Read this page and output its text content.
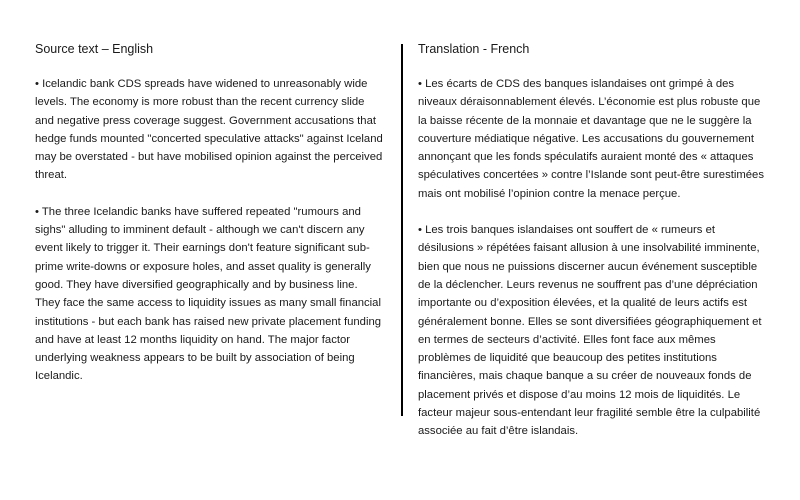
Source text – English
• Icelandic bank CDS spreads have widened to unreasonably wide levels. The economy is more robust than the recent currency slide and negative press coverage suggest. Government accusations that hedge funds mounted "concerted speculative attacks" against Iceland may be overstated - but have mobilised opinion against the perceived threat.
• The three Icelandic banks have suffered repeated "rumours and sighs" alluding to imminent default - although we can't discern any event likely to trigger it. Their earnings don't feature significant sub-prime write-downs or exposure holes, and asset quality is generally good. They have diversified geographically and by business line. They face the same access to liquidity issues as many small financial institutions - but each bank has raised new private placement funding and have at least 12 months liquidity on hand. The major factor underlying weakness appears to be built by association of being Icelandic.
Translation - French
• Les écarts de CDS des banques islandaises ont grimpé à des niveaux déraisonnablement élevés. L’économie est plus robuste que la baisse récente de la monnaie et davantage que ne le suggère la couverture médiatique négative. Les accusations du gouvernement annonçant que les fonds spéculatifs auraient monté des « attaques spéculatives concertées » contre l’Islande sont peut-être surestimées mais ont mobilisé l’opinion contre la menace perçue.
• Les trois banques islandaises ont souffert de « rumeurs et désilusions » répétées faisant allusion à une insolvabilité imminente, bien que nous ne puissions discerner aucun événement susceptible de la déclencher. Leurs revenus ne souffrent pas d’une dépréciation importante ou d’exposition élevées, et la qualité de leurs actifs est généralement bonne. Elles se sont diversifiées géographiquement et en termes de secteurs d’activité. Elles font face aux mêmes problèmes de liquidité que beaucoup des petites institutions financières, mais chaque banque a su créer de nouveaux fonds de placement privés et dispose d’au moins 12 mois de liquidités. Le facteur majeur sous-entendant leur fragilité semble être la culpabilité associée au fait d’être islandais.
